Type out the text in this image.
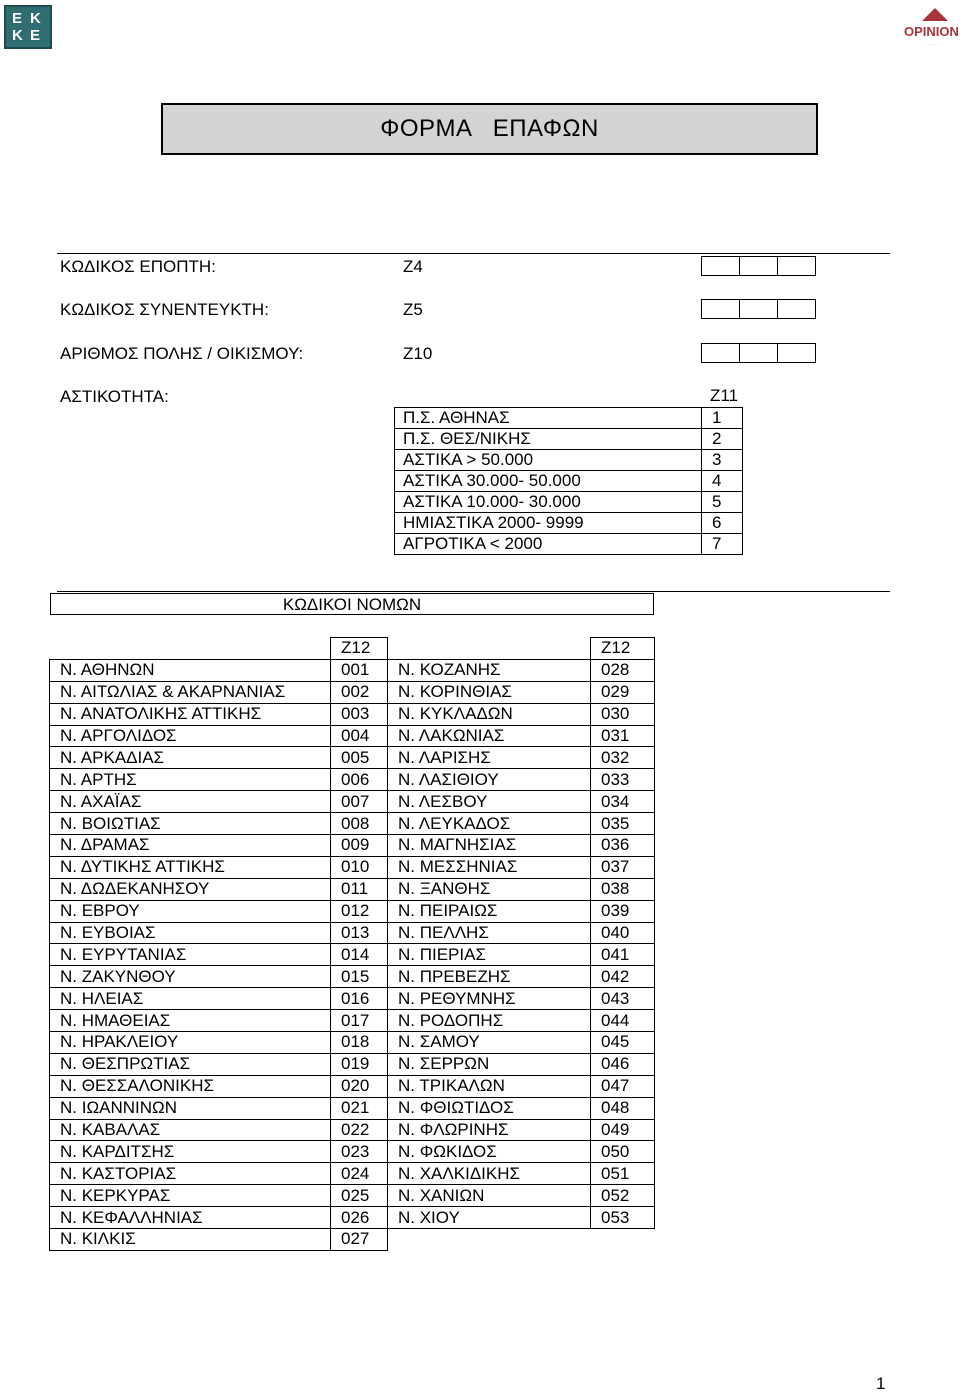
E K
K E	OPINION
· · · · ·
ΦΟΡΜΑ   ΕΠΑΦΩΝ
ΚΩΔΙΚΟΣ ΕΠΟΠΤΗ:	Z4
ΚΩΔΙΚΟΣ ΣΥΝΕΝΤΕΥΚΤΗ:	Z5
ΑΡΙΘΜΟΣ ΠΟΛΗΣ / ΟΙΚΙΣΜΟΥ:	Z10
ΑΣΤΙΚΟΤΗΤΑ:	Z11
Π.Σ. ΑΘΗΝΑΣ	1
Π.Σ. ΘΕΣ/ΝΙΚΗΣ	2
ΑΣΤΙΚΑ > 50.000	3
ΑΣΤΙΚΑ 30.000- 50.000	4
ΑΣΤΙΚΑ 10.000- 30.000	5
ΗΜΙΑΣΤΙΚΑ 2000- 9999	6
ΑΓΡΟΤΙΚΑ < 2000	7
ΚΩΔΙΚΟΙ ΝΟΜΩΝ
	Z12		Z12
Ν. ΑΘΗΝΩΝ	001	Ν. ΚΟΖΑΝΗΣ	028
Ν. ΑΙΤΩΛΙΑΣ & ΑΚΑΡΝΑΝΙΑΣ	002	Ν. ΚΟΡΙΝΘΙΑΣ	029
Ν. ΑΝΑΤΟΛΙΚΗΣ ΑΤΤΙΚΗΣ	003	Ν. ΚΥΚΛΑΔΩΝ	030
Ν. ΑΡΓΟΛΙΔΟΣ	004	Ν. ΛΑΚΩΝΙΑΣ	031
Ν. ΑΡΚΑΔΙΑΣ	005	Ν. ΛΑΡΙΣΗΣ	032
Ν. ΑΡΤΗΣ	006	Ν. ΛΑΣΙΘΙΟΥ	033
Ν. ΑΧΑΪΑΣ	007	Ν. ΛΕΣΒΟΥ	034
Ν. ΒΟΙΩΤΙΑΣ	008	Ν. ΛΕΥΚΑΔΟΣ	035
Ν. ΔΡΑΜΑΣ	009	Ν. ΜΑΓΝΗΣΙΑΣ	036
Ν. ΔΥΤΙΚΗΣ ΑΤΤΙΚΗΣ	010	Ν. ΜΕΣΣΗΝΙΑΣ	037
Ν. ΔΩΔΕΚΑΝΗΣΟΥ	011	Ν. ΞΑΝΘΗΣ	038
Ν. ΕΒΡΟΥ	012	Ν. ΠΕΙΡΑΙΩΣ	039
Ν. ΕΥΒΟΙΑΣ	013	Ν. ΠΕΛΛΗΣ	040
Ν. ΕΥΡΥΤΑΝΙΑΣ	014	Ν. ΠΙΕΡΙΑΣ	041
Ν. ΖΑΚΥΝΘΟΥ	015	Ν. ΠΡΕΒΕΖΗΣ	042
Ν. ΗΛΕΙΑΣ	016	Ν. ΡΕΘΥΜΝΗΣ	043
Ν. ΗΜΑΘΕΙΑΣ	017	Ν. ΡΟΔΟΠΗΣ	044
Ν. ΗΡΑΚΛΕΙΟΥ	018	Ν. ΣΑΜΟΥ	045
Ν. ΘΕΣΠΡΩΤΙΑΣ	019	Ν. ΣΕΡΡΩΝ	046
Ν. ΘΕΣΣΑΛΟΝΙΚΗΣ	020	Ν. ΤΡΙΚΑΛΩΝ	047
Ν. ΙΩΑΝΝΙΝΩΝ	021	Ν. ΦΘΙΩΤΙΔΟΣ	048
Ν. ΚΑΒΑΛΑΣ	022	Ν. ΦΛΩΡΙΝΗΣ	049
Ν. ΚΑΡΔΙΤΣΗΣ	023	Ν. ΦΩΚΙΔΟΣ	050
Ν. ΚΑΣΤΟΡΙΑΣ	024	Ν. ΧΑΛΚΙΔΙΚΗΣ	051
Ν. ΚΕΡΚΥΡΑΣ	025	Ν. ΧΑΝΙΩΝ	052
Ν. ΚΕΦΑΛΛΗΝΙΑΣ	026	Ν. ΧΙΟΥ	053
Ν. ΚΙΛΚΙΣ	027		
1
